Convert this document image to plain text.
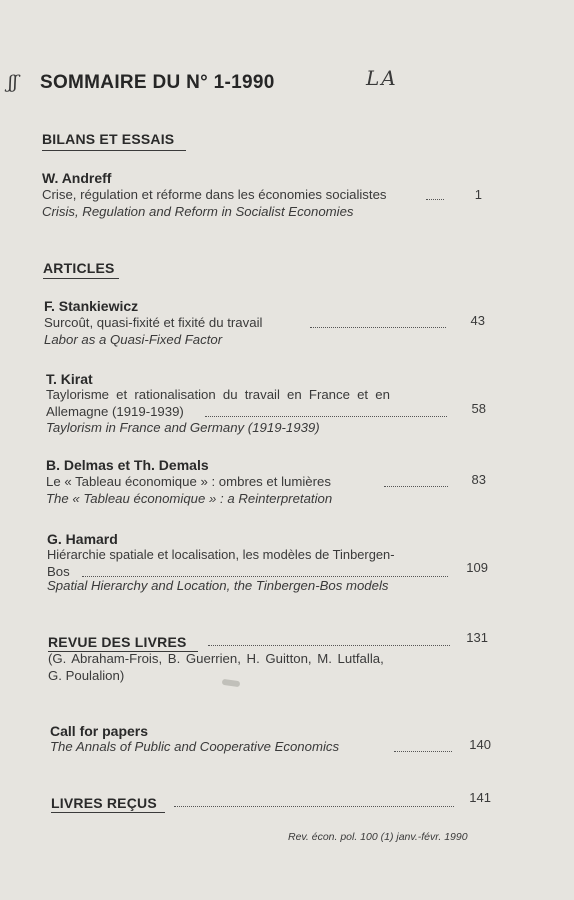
ʃʃ	LA
SOMMAIRE DU N° 1-1990
BILANS ET ESSAIS
W. Andreff
Crise, régulation et réforme dans les économies socialistes	1
Crisis, Regulation and Reform in Socialist Economies
ARTICLES
F. Stankiewicz
Surcoût, quasi-fixité et fixité du travail	43
Labor as a Quasi-Fixed Factor
T. Kirat
Taylorisme et rationalisation du travail en France et en
Allemagne (1919-1939)	58
Taylorism in France and Germany (1919-1939)
B. Delmas et Th. Demals
Le « Tableau économique » : ombres et lumières	83
The « Tableau économique » : a Reinterpretation
G. Hamard
Hiérarchie spatiale et localisation, les modèles de Tinbergen-
Bos	109
Spatial Hierarchy and Location, the Tinbergen-Bos models
REVUE DES LIVRES	131
(G. Abraham-Frois, B. Guerrien, H. Guitton, M. Lutfalla,
G. Poulalion)
Call for papers
The Annals of Public and Cooperative Economics	140
LIVRES REÇUS	141
Rev. écon. pol. 100 (1) janv.-févr. 1990
